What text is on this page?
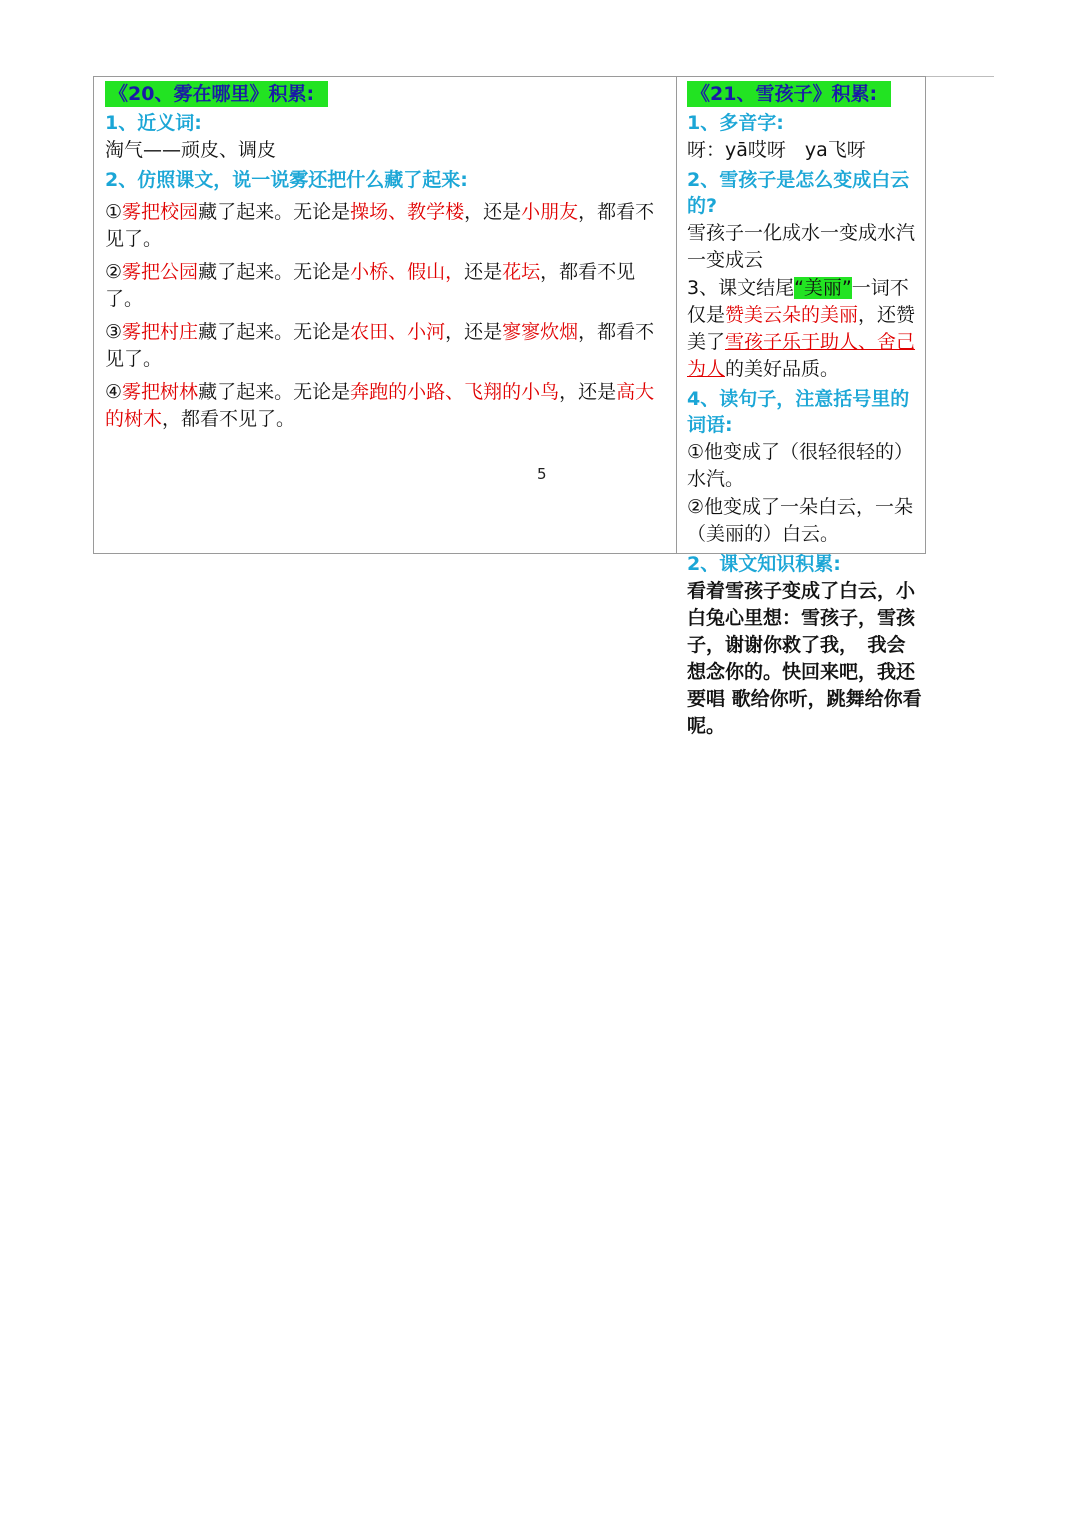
《20、雾在哪里》积累:
1、近义词:
淘气——顽皮、调皮
2、仿照课文，说一说雾还把什么藏了起来:
①雾把校园藏了起来。无论是操场、教学楼，还是小朋友，都看不见了。
②雾把公园藏了起来。无论是小桥、假山，还是花坛，都看不见了。
③雾把村庄藏了起来。无论是农田、小河，还是寥寥炊烟，都看不见了。
④雾把树林藏了起来。无论是奔跑的小路、飞翔的小鸟，还是高大的树木，都看不见了。
5
《21、雪孩子》积累:
1、多音字:
呀：yā哎呀　ya飞呀
2、雪孩子是怎么变成白云的?
雪孩子一化成水一变成水汽一变成云
3、课文结尾“美丽”一词不仅是赞美云朵的美丽，还赞美了雪孩子乐于助人、舍己为人的美好品质。
4、读句子，注意括号里的词语:
①他变成了（很轻很轻的）水汽。
②他变成了一朵白云，一朵（美丽的）白云。
2、课文知识积累:
看着雪孩子变成了白云，小白兔心里想：雪孩子，雪孩子，谢谢你救了我，　我会想念你的。快回来吧，我还要唱 歌给你听，跳舞给你看呢。
